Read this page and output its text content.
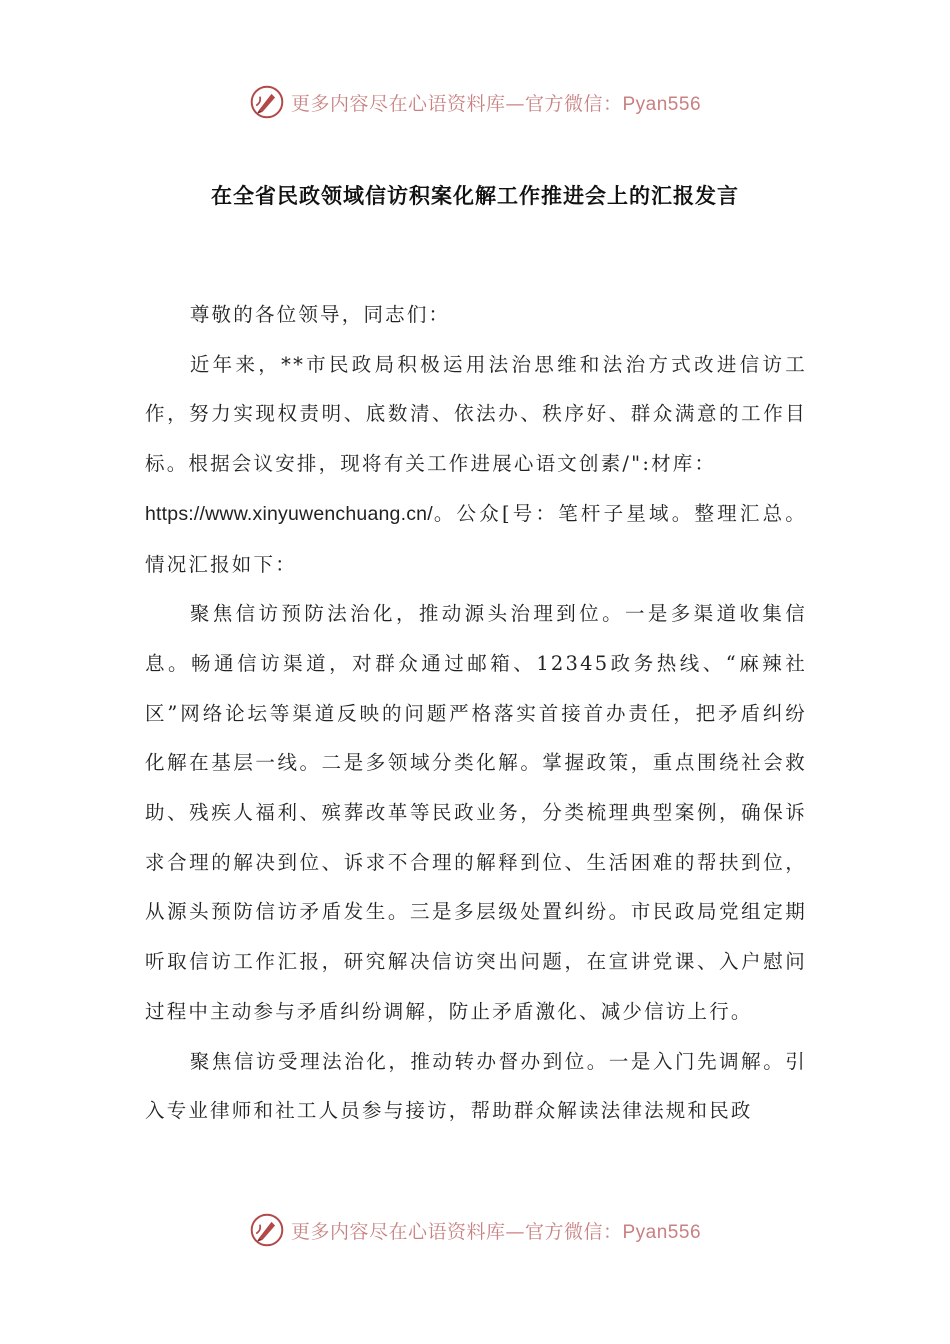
更多内容尽在心语资料库—官方微信：Pyan556
在全省民政领域信访积案化解工作推进会上的汇报发言

尊敬的各位领导，同志们：

近年来，**市民政局积极运用法治思维和法治方式改进信访工作，努力实现权责明、底数清、依法办、秩序好、群众满意的工作目标。根据会议安排，现将有关工作进展心语文创素/":材库：
https://www.xinyuwenchuang.cn/。公众[号：笔杆子星域。整理汇总。情况汇报如下：

聚焦信访预防法治化，推动源头治理到位。一是多渠道收集信息。畅通信访渠道，对群众通过邮箱、12345政务热线、“麻辣社区”网络论坛等渠道反映的问题严格落实首接首办责任，把矛盾纠纷化解在基层一线。二是多领域分类化解。掌握政策，重点围绕社会救助、残疾人福利、殡葬改革等民政业务，分类梳理典型案例，确保诉求合理的解决到位、诉求不合理的解释到位、生活困难的帮扶到位，从源头预防信访矛盾发生。三是多层级处置纠纷。市民政局党组定期听取信访工作汇报，研究解决信访突出问题，在宣讲党课、入户慰问过程中主动参与矛盾纠纷调解，防止矛盾激化、减少信访上行。

聚焦信访受理法治化，推动转办督办到位。一是入门先调解。引入专业律师和社工人员参与接访，帮助群众解读法律法规和民政

更多内容尽在心语资料库—官方微信：Pyan556
